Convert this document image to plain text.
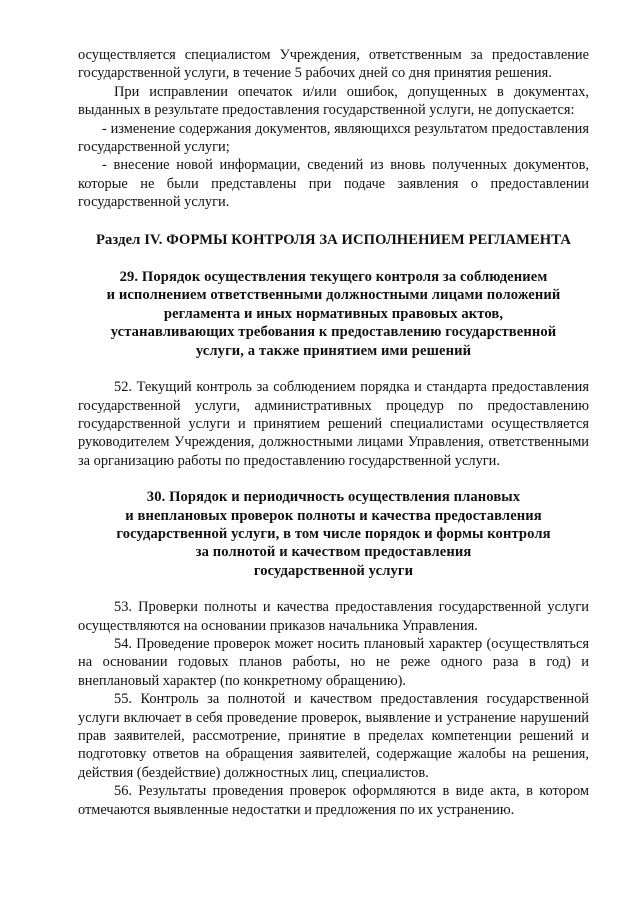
осуществляется специалистом Учреждения, ответственным за предоставление государственной услуги, в течение 5 рабочих дней со дня принятия решения.

При исправлении опечаток и/или ошибок, допущенных в документах, выданных в результате предоставления государственной услуги, не допускается:

- изменение содержания документов, являющихся результатом предоставления государственной услуги;

- внесение новой информации, сведений из вновь полученных документов, которые не были представлены при подаче заявления о предоставлении государственной услуги.

Раздел IV. ФОРМЫ КОНТРОЛЯ ЗА ИСПОЛНЕНИЕМ РЕГЛАМЕНТА

29. Порядок осуществления текущего контроля за соблюдением
и исполнением ответственными должностными лицами положений
регламента и иных нормативных правовых актов,
устанавливающих требования к предоставлению государственной
услуги, а также принятием ими решений

52. Текущий контроль за соблюдением порядка и стандарта предоставления государственной услуги, административных процедур по предоставлению государственной услуги и принятием решений специалистами осуществляется руководителем Учреждения, должностными лицами Управления, ответственными за организацию работы по предоставлению государственной услуги.

30. Порядок и периодичность осуществления плановых
и внеплановых проверок полноты и качества предоставления
государственной услуги, в том числе порядок и формы контроля
за полнотой и качеством предоставления
государственной услуги

53. Проверки полноты и качества предоставления государственной услуги осуществляются на основании приказов начальника Управления.

54. Проведение проверок может носить плановый характер (осуществляться на основании годовых планов работы, но не реже одного раза в год) и внеплановый характер (по конкретному обращению).

55. Контроль за полнотой и качеством предоставления государственной услуги включает в себя проведение проверок, выявление и устранение нарушений прав заявителей, рассмотрение, принятие в пределах компетенции решений и подготовку ответов на обращения заявителей, содержащие жалобы на решения, действия (бездействие) должностных лиц, специалистов.

56. Результаты проведения проверок оформляются в виде акта, в котором отмечаются выявленные недостатки и предложения по их устранению.
